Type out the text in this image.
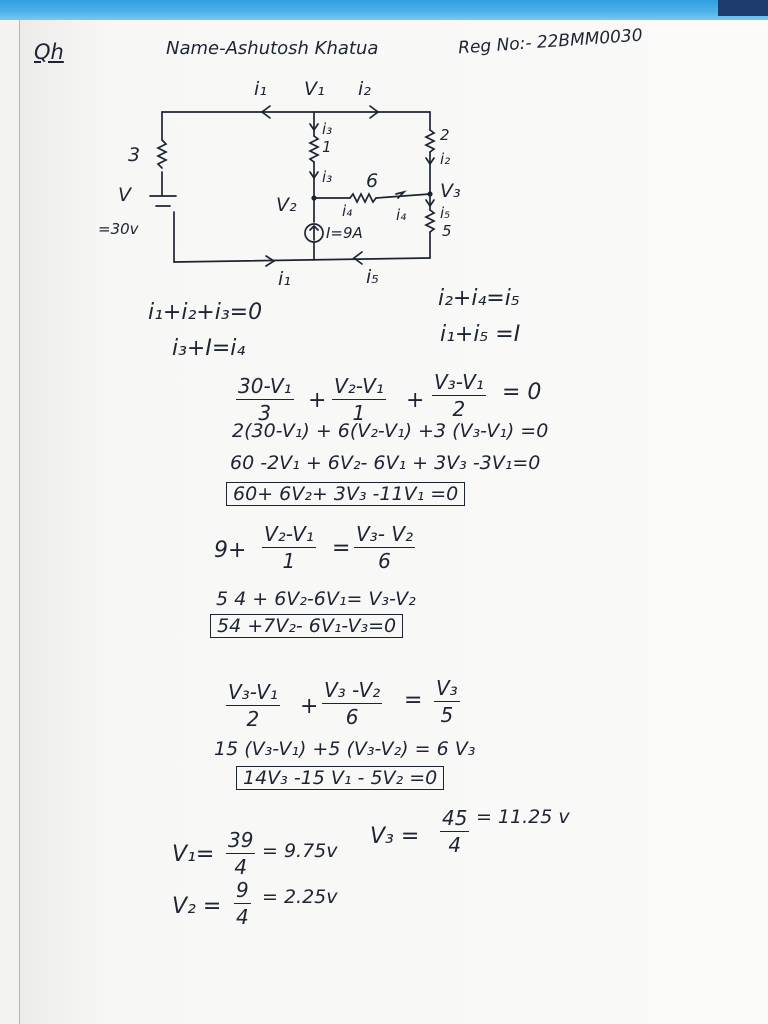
Qh	Name-Ashutosh Khatua	Reg No:- 22BMM0030
i₁ V₁ i₂
i₃
1
i₃
3
V
=30v
2
i₂
6	V₃
V₂	i₄	i₄ i₅
5
I=9A
i₁	i₅
i₁+i₂+i₃=0
i₂+i₄=i₅
i₃+I=i₄
i₁+i₅ =I
30-V₁
3 +
V₂-V₁
1 +
V₃-V₁
2
= 0
2(30-V₁) + 6(V₂-V₁) +3 (V₃-V₁) =0
60 -2V₁ + 6V₂- 6V₁ + 3V₃ -3V₁=0
60+ 6V₂+ 3V₃ -11V₁ =0
9+
V₂-V₁
1 =
V₃- V₂
6
5 4 + 6V₂-6V₁= V₃-V₂
54 +7V₂- 6V₁-V₃=0
V₃-V₁
2 +
V₃ -V₂
6
= V₃
5
15 (V₃-V₁) +5 (V₃-V₂) = 6 V₃
14V₃ -15 V₁ - 5V₂ =0
V₁=
39
4
= 9.75v
V₃ =
45
4
= 11.25 v
V₂ =
9
4
= 2.25v
